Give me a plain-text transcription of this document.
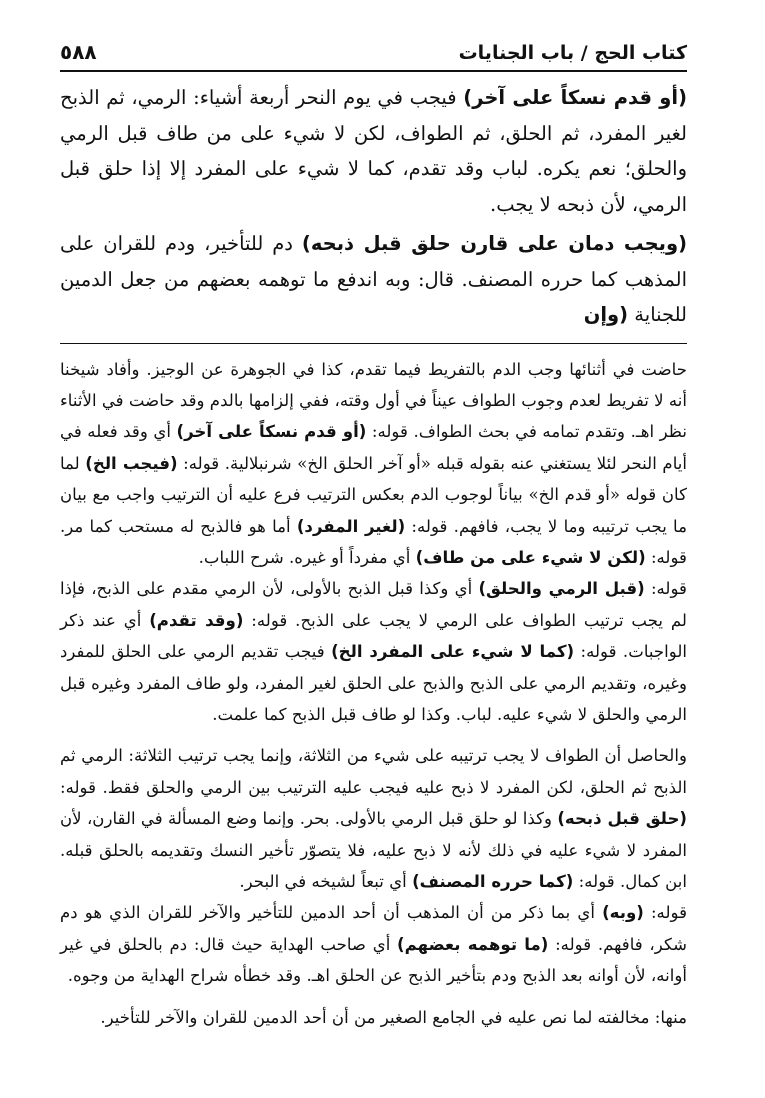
كتاب الحج / باب الجنايات
٥٨٨

(أو قدم نسكاً على آخر) فيجب في يوم النحر أربعة أشياء: الرمي، ثم الذبح لغير المفرد، ثم الحلق، ثم الطواف، لكن لا شيء على من طاف قبل الرمي والحلق؛ نعم يكره. لباب وقد تقدم، كما لا شيء على المفرد إلا إذا حلق قبل الرمي، لأن ذبحه لا يجب.

(ويجب دمان على قارن حلق قبل ذبحه) دم للتأخير، ودم للقران على المذهب كما حرره المصنف. قال: وبه اندفع ما توهمه بعضهم من جعل الدمين للجناية (وإن

حاضت في أثنائها وجب الدم بالتفريط فيما تقدم، كذا في الجوهرة عن الوجيز. وأفاد شيخنا أنه لا تفريط لعدم وجوب الطواف عيناً في أول وقته، ففي إلزامها بالدم وقد حاضت في الأثناء نظر اهـ. وتقدم تمامه في بحث الطواف. قوله: (أو قدم نسكاً على آخر) أي وقد فعله في أيام النحر لئلا يستغني عنه بقوله قبله «أو آخر الحلق الخ» شرنبلالية. قوله: (فيجب الخ) لما كان قوله «أو قدم الخ» بياناً لوجوب الدم بعكس الترتيب فرع عليه أن الترتيب واجب مع بيان ما يجب ترتيبه وما لا يجب، فافهم. قوله: (لغير المفرد) أما هو فالذبح له مستحب كما مر. قوله: (لكن لا شيء على من طاف) أي مفرداً أو غيره. شرح اللباب.

قوله: (قبل الرمي والحلق) أي وكذا قبل الذبح بالأولى، لأن الرمي مقدم على الذبح، فإذا لم يجب ترتيب الطواف على الرمي لا يجب على الذبح. قوله: (وقد تقدم) أي عند ذكر الواجبات. قوله: (كما لا شيء على المفرد الخ) فيجب تقديم الرمي على الحلق للمفرد وغيره، وتقديم الرمي على الذبح والذبح على الحلق لغير المفرد، ولو طاف المفرد وغيره قبل الرمي والحلق لا شيء عليه. لباب. وكذا لو طاف قبل الذبح كما علمت.

والحاصل أن الطواف لا يجب ترتيبه على شيء من الثلاثة، وإنما يجب ترتيب الثلاثة: الرمي ثم الذبح ثم الحلق، لكن المفرد لا ذبح عليه فيجب عليه الترتيب بين الرمي والحلق فقط. قوله: (حلق قبل ذبحه) وكذا لو حلق قبل الرمي بالأولى. بحر. وإنما وضع المسألة في القارن، لأن المفرد لا شيء عليه في ذلك لأنه لا ذبح عليه، فلا يتصوّر تأخير النسك وتقديمه بالحلق قبله. ابن كمال. قوله: (كما حرره المصنف) أي تبعاً لشيخه في البحر.

قوله: (وبه) أي بما ذكر من أن المذهب أن أحد الدمين للتأخير والآخر للقران الذي هو دم شكر، فافهم. قوله: (ما توهمه بعضهم) أي صاحب الهداية حيث قال: دم بالحلق في غير أوانه، لأن أوانه بعد الذبح ودم بتأخير الذبح عن الحلق اهـ. وقد خطأه شراح الهداية من وجوه.

منها: مخالفته لما نص عليه في الجامع الصغير من أن أحد الدمين للقران والآخر للتأخير.
